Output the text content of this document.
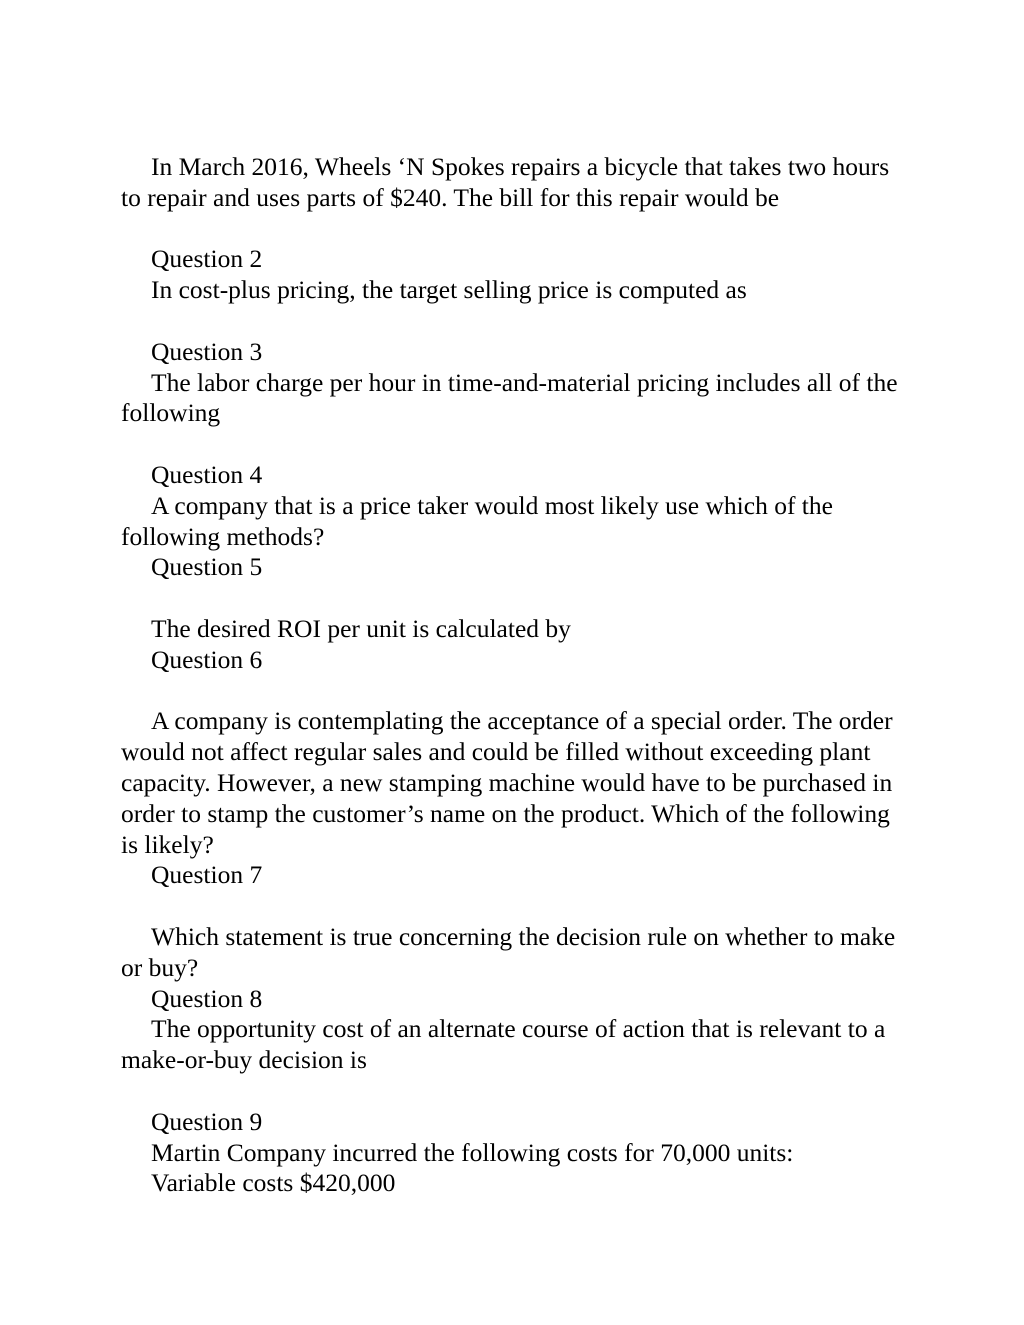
In March 2016, Wheels ‘N Spokes repairs a bicycle that takes two hours to repair and uses parts of $240. The bill for this repair would be

Question 2

In cost-plus pricing, the target selling price is computed as

Question 3

The labor charge per hour in time-and-material pricing includes all of the following

Question 4

A company that is a price taker would most likely use which of the following methods?

Question 5

The desired ROI per unit is calculated by

Question 6

A company is contemplating the acceptance of a special order. The order would not affect regular sales and could be filled without exceeding plant capacity. However, a new stamping machine would have to be purchased in order to stamp the customer’s name on the product. Which of the following is likely?

Question 7

Which statement is true concerning the decision rule on whether to make or buy?

Question 8

The opportunity cost of an alternate course of action that is relevant to a make-or-buy decision is

Question 9

Martin Company incurred the following costs for 70,000 units:

Variable costs $420,000
